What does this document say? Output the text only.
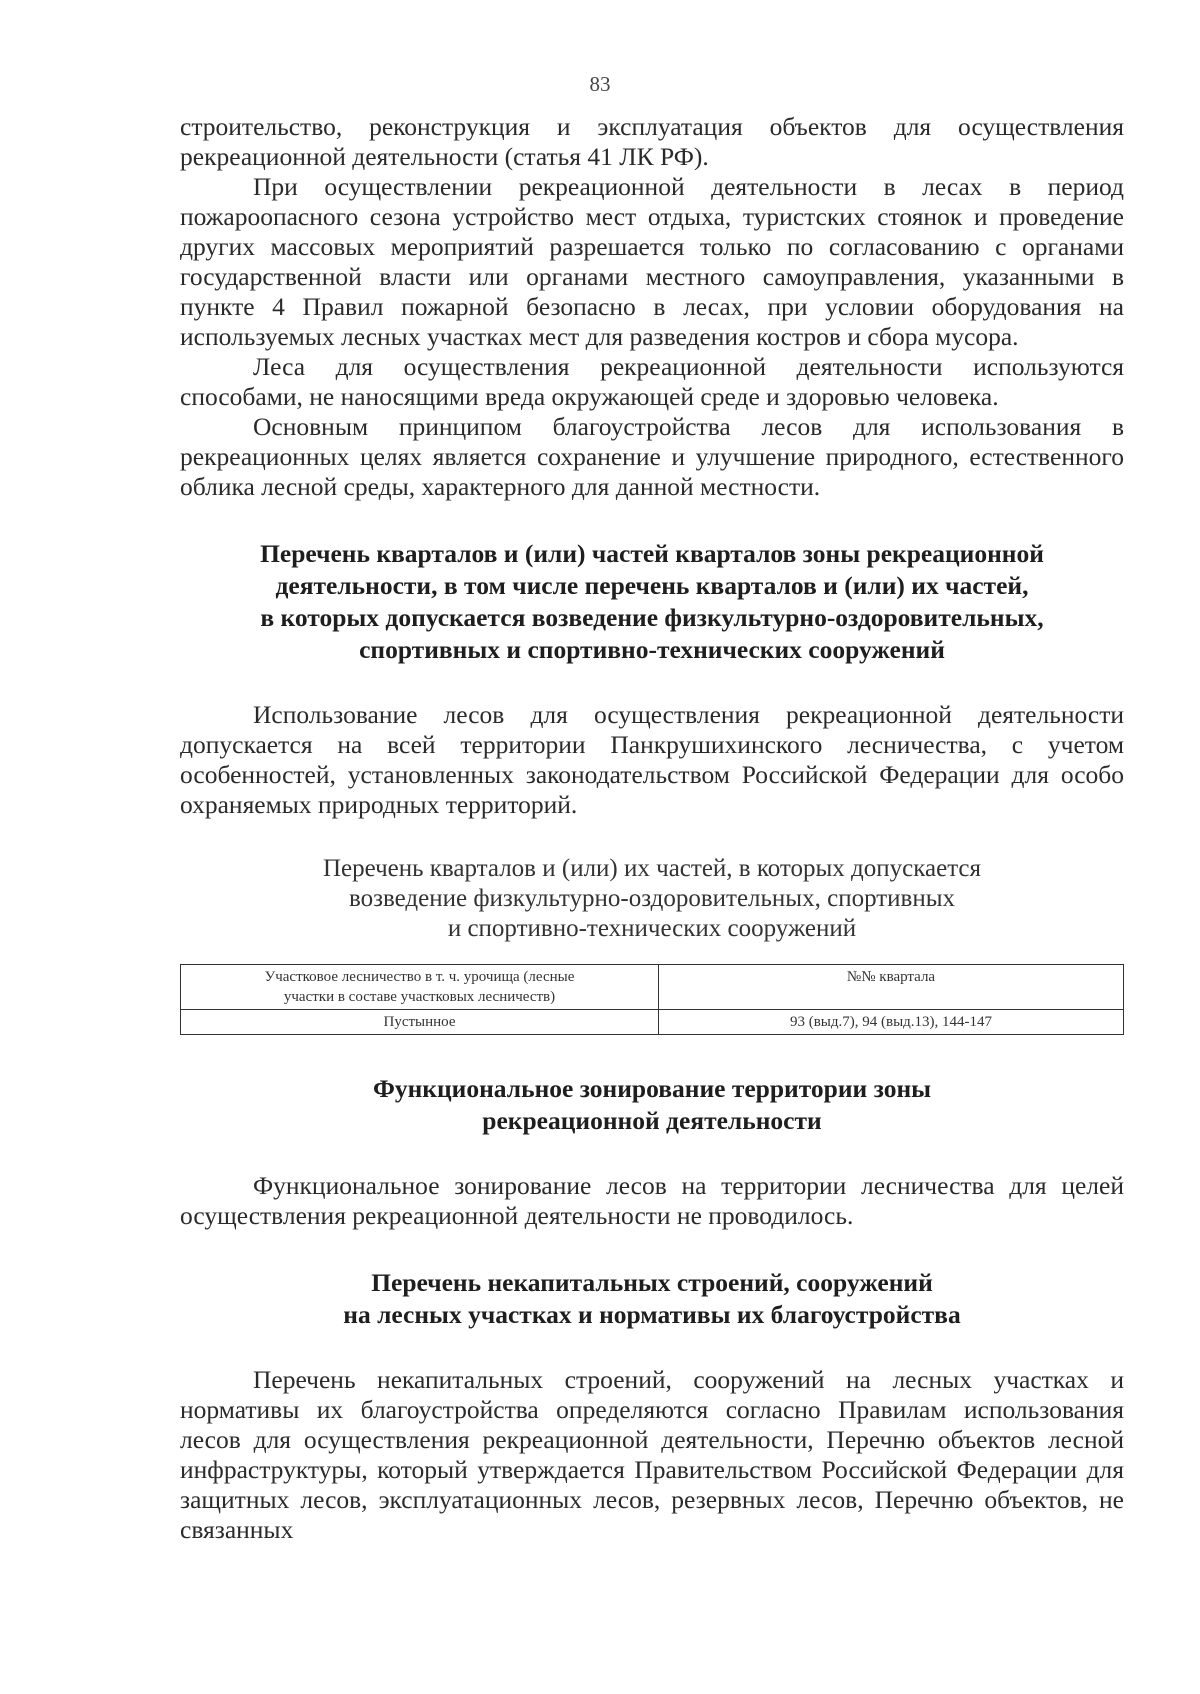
83

строительство, реконструкция и эксплуатация объектов для осуществления рекреационной деятельности (статья 41 ЛК РФ).

При осуществлении рекреационной деятельности в лесах в период пожароопасного сезона устройство мест отдыха, туристских стоянок и проведение других массовых мероприятий разрешается только по согласованию с органами государственной власти или органами местного самоуправления, указанными в пункте 4 Правил пожарной безопасно в лесах, при условии оборудования на используемых лесных участках мест для разведения костров и сбора мусора.

Леса для осуществления рекреационной деятельности используются способами, не наносящими вреда окружающей среде и здоровью человека.

Основным принципом благоустройства лесов для использования в рекреационных целях является сохранение и улучшение природного, естественного облика лесной среды, характерного для данной местности.

Перечень кварталов и (или) частей кварталов зоны рекреационной
деятельности, в том числе перечень кварталов и (или) их частей,
в которых допускается возведение физкультурно-оздоровительных,
спортивных и спортивно-технических сооружений

Использование лесов для осуществления рекреационной деятельности допускается на всей территории Панкрушихинского лесничества, с учетом особенностей, установленных законодательством Российской Федерации для особо охраняемых природных территорий.

Перечень кварталов и (или) их частей, в которых допускается
возведение физкультурно-оздоровительных, спортивных
и спортивно-технических сооружений
Участковое лесничество в т. ч. урочища (лесные
участки в составе участковых лесничеств)	№№ квартала
Пустынное	93 (выд.7), 94 (выд.13), 144-147
Функциональное зонирование территории зоны
рекреационной деятельности

Функциональное зонирование лесов на территории лесничества для целей осуществления рекреационной деятельности не проводилось.

Перечень некапитальных строений, сооружений
на лесных участках и нормативы их благоустройства

Перечень некапитальных строений, сооружений на лесных участках и нормативы их благоустройства определяются согласно Правилам использования лесов для осуществления рекреационной деятельности, Перечню объектов лесной инфраструктуры, который утверждается Правительством Российской Федерации для защитных лесов, эксплуатационных лесов, резервных лесов, Перечню объектов, не связанных
